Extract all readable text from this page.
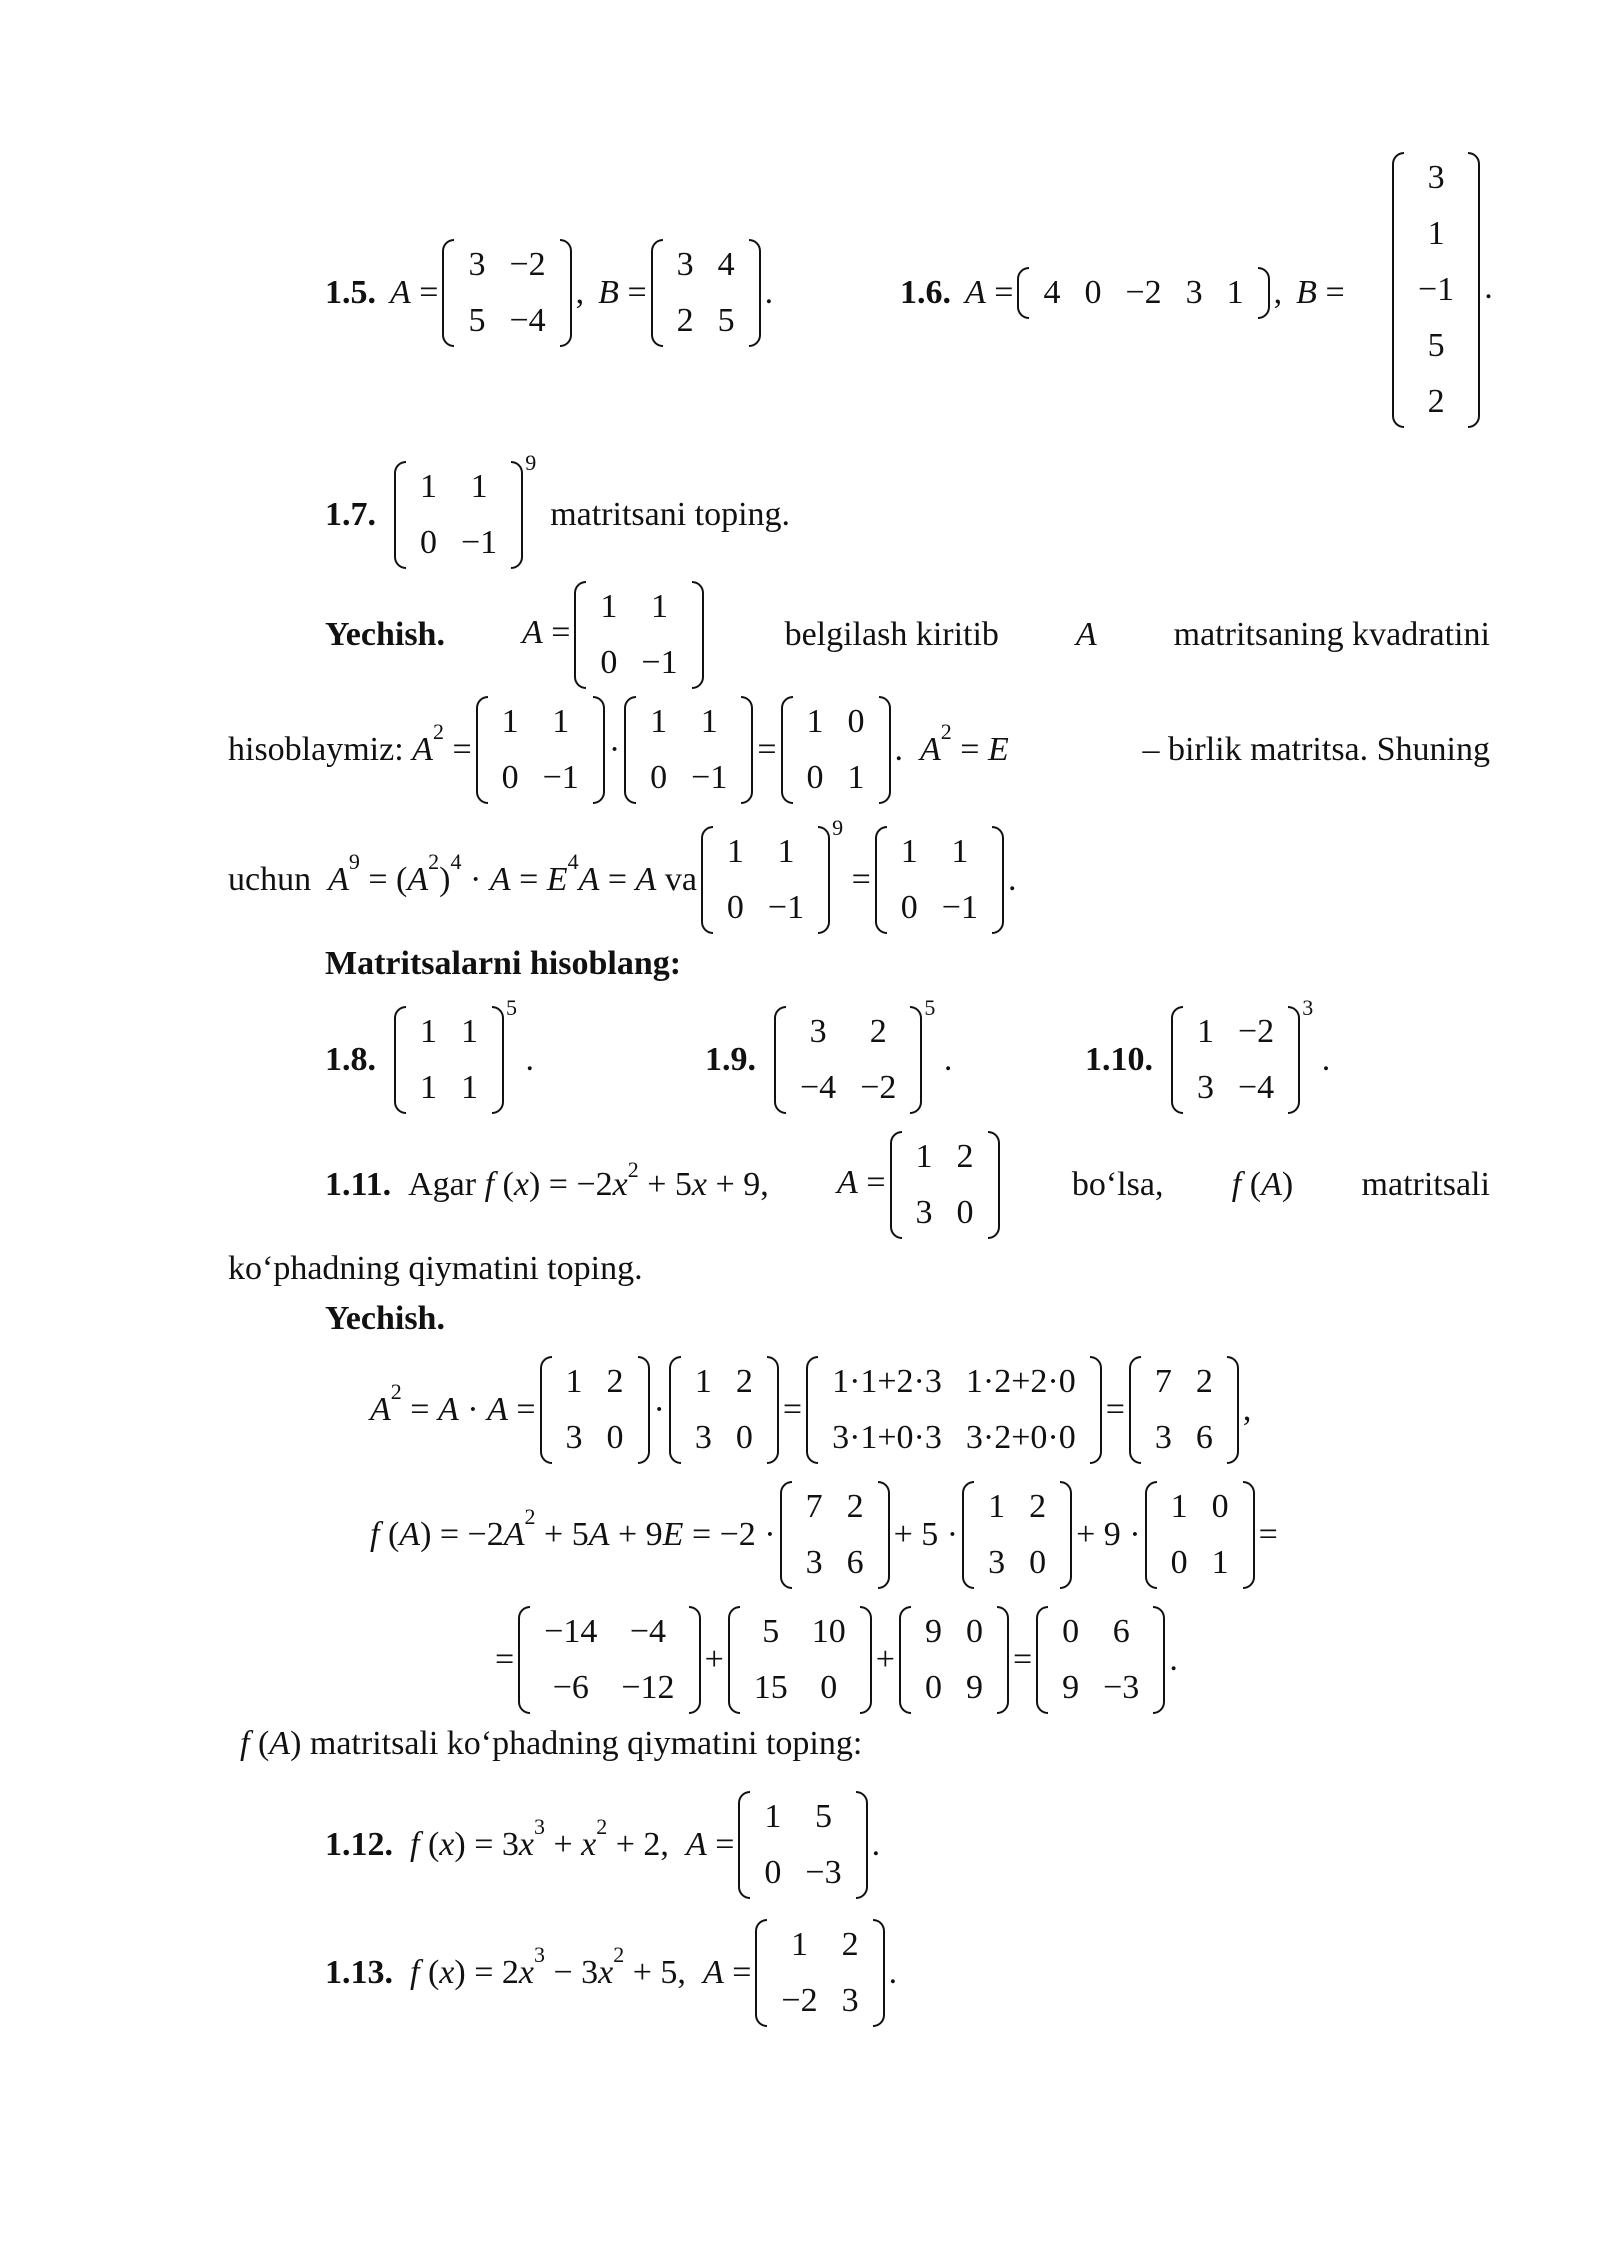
1.5. A =
3	−2
5	−4
, B =
3	4
2	5
.	1.6. A = 4	0	−2	3	1 , B =
3
1
−1
5
2
.
1.7.
1	1
0	−1
9
matritsani toping.
Yechish. A =
1	1
0	−1
belgilash kiritib A matritsaning kvadratini
hisoblaymiz:
A 2 =
1	1
0	−1
·
1	1
0	−1
=
1	0
0	1
. A 2 = E
	– birlik matritsa. Shuning
uchun
A 9 = ( A 2 ) 4 · A = E 4 A = A
va
1	1
0	−1
9
=
1	1
0	−1
.
Matritsalarni hisoblang:
1.8.
1	1
1	1
5
.	1.9.
3	2
−4	−2
5
.	1.10.
1	−2
3	−4
3
.
1.11. Agar f $(x) = -2x^2 + 5x + 9$, A =
1	2
3	0
bo‘lsa, f (A) matritsali
ko‘phadning qiymatini toping.
Yechish.
A 2 = A · A =
1	2
3	0
·
1	2
3	0
=
1·1+2·3	1·2+2·0
3·1+0·3	3·2+0·0
=
7	2
3	6
,
f ( A ) = −2 A 2 + 5 A + 9 E = −2 ·
7	2
3	6
+ 5 ·
1	2
3	0
+ 9 ·
1	0
0	1
=
=
−14	−4
−6	−12
+
5	10
15	0
+
9	0
0	9
=
0	6
9	−3
.
f (A) matritsali ko‘phadning qiymatini toping:
1.12.
f ( x ) = 3 x 3 + x 2 + 2, A =
1	5
0	−3
.
1.13.
f ( x ) = 2 x 3 − 3 x 2 + 5, A =
1	2
−2	3
.
